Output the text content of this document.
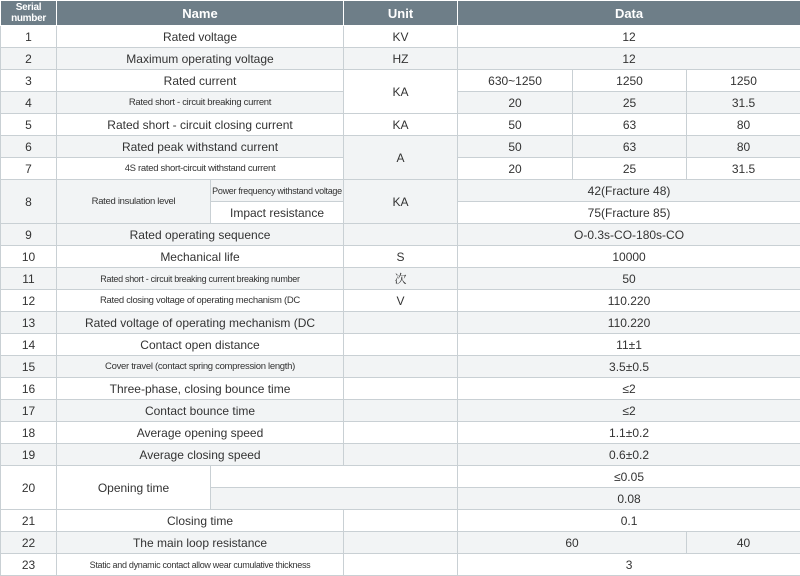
Serial number	Name		Unit	Data		
1	Rated voltage		KV	12		
2	Maximum operating voltage		HZ	12		
3	Rated current		KA	630~1250	1250	1250
4	Rated short - circuit breaking current			20	25	31.5
5	Rated short - circuit closing current		KA	50	63	80
6	Rated peak withstand current		A	50	63	80
7	4S rated short-circuit withstand current			20	25	31.5
8	Rated insulation level	Power frequency withstand voltage	KA	42(Fracture 48)		
		Impact resistance		75(Fracture 85)		
9	Rated operating sequence			O-0.3s-CO-180s-CO		
10	Mechanical life		S	10000		
11	Rated short - circuit breaking current breaking number		次	50		
12	Rated closing voltage of operating mechanism (DC		V	110.220		
13	Rated voltage of operating mechanism (DC			110.220		
14	Contact open distance			11±1		
15	Cover travel (contact spring compression length)			3.5±0.5		
16	Three-phase, closing bounce time			≤2		
17	Contact bounce time			≤2		
18	Average opening speed			1.1±0.2		
19	Average closing speed			0.6±0.2		
20	Opening time			≤0.05		
				0.08		
21	Closing time			0.1		
22	The main loop resistance			60		40
23	Static and dynamic contact allow wear cumulative thickness			3		
